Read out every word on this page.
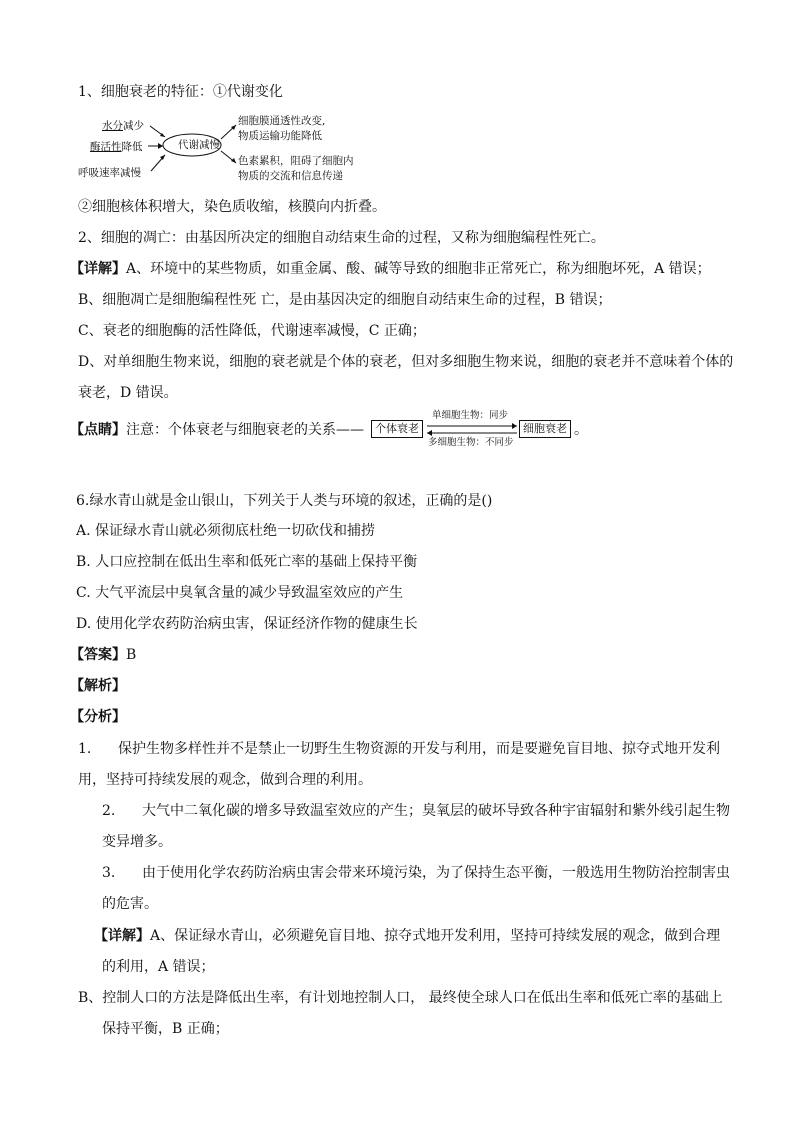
1、细胞衰老的特征：①代谢变化
代谢减慢
水分减少
酶活性降低
呼吸速率减慢
细胞膜通透性改变,
物质运输功能降低
色素累积，阻碍了细胞内
物质的交流和信息传递
②细胞核体积增大，染色质收缩，核膜向内折叠。
2、细胞的凋亡：由基因所决定的细胞自动结束生命的过程，又称为细胞编程性死亡。
【详解】A、环境中的某些物质，如重金属、酸、碱等导致的细胞非正常死亡，称为细胞坏死，A 错误；
B、细胞凋亡是细胞编程性死 亡，是由基因决定的细胞自动结束生命的过程，B 错误；
C、衰老的细胞酶的活性降低，代谢速率减慢，C 正确；
D、对单细胞生物来说，细胞的衰老就是个体的衰老，但对多细胞生物来说，细胞的衰老并不意味着个体的
衰老，D 错误。
【点睛】注意：个体衰老与细胞衰老的关系——	个体衰老	细胞衰老
单细胞生物：同步
多细胞生物：不同步
。
6.绿水青山就是金山银山，下列关于人类与环境的叙述，正确的是()
A. 保证绿水青山就必须彻底杜绝一切砍伐和捕捞
B. 人口应控制在低出生率和低死亡率的基础上保持平衡
C. 大气平流层中臭氧含量的减少导致温室效应的产生
D. 使用化学农药防治病虫害，保证经济作物的健康生长
【答案】B
【解析】
【分析】
1. 保护生物多样性并不是禁止一切野生生物资源的开发与利用，而是要避免盲目地、掠夺式地开发利
用，坚持可持续发展的观念，做到合理的利用。
2. 大气中二氧化碳的增多导致温室效应的产生；臭氧层的破坏导致各种宇宙辐射和紫外线引起生物
变异增多。
3. 由于使用化学农药防治病虫害会带来环境污染，为了保持生态平衡，一般选用生物防治控制害虫
的危害。
【详解】A、保证绿水青山，必须避免盲目地、掠夺式地开发利用，坚持可持续发展的观念，做到合理
的利用，A 错误；
B、控制人口的方法是降低出生率，有计划地控制人口， 最终使全球人口在低出生率和低死亡率的基础上
保持平衡，B 正确；
